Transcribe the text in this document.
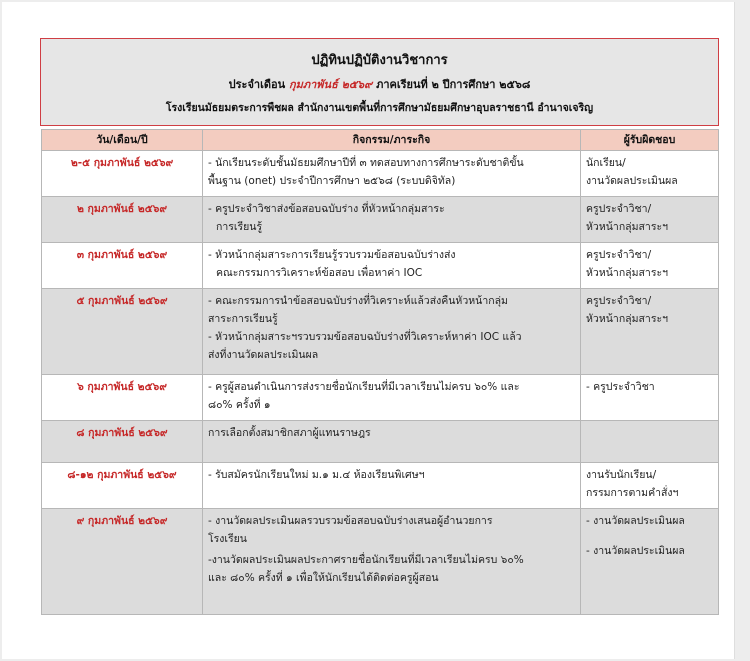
ปฏิทินปฏิบัติงานวิชาการ
ประจำเดือน กุมภาพันธ์ ๒๕๖๙ ภาคเรียนที่ ๒ ปีการศึกษา ๒๕๖๘
โรงเรียนมัธยมตระการพืชผล สำนักงานเขตพื้นที่การศึกษามัธยมศึกษาอุบลราชธานี อำนาจเจริญ
วัน/เดือน/ปี	กิจกรรม/ภาระกิจ	ผู้รับผิดชอบ
๒-๕ กุมภาพันธ์ ๒๕๖๙	- นักเรียนระดับชั้นมัธยมศึกษาปีที่ ๓ ทดสอบทางการศึกษาระดับชาติขั้น
พื้นฐาน (onet) ประจำปีการศึกษา ๒๕๖๘ (ระบบดิจิทัล)	นักเรียน/
งานวัดผลประเมินผล

๒ กุมภาพันธ์ ๒๕๖๙	- ครูประจำวิชาส่งข้อสอบฉบับร่าง ที่หัวหน้ากลุ่มสาระ
การเรียนรู้	ครูประจำวิชา/
หัวหน้ากลุ่มสาระฯ

๓ กุมภาพันธ์ ๒๕๖๙	- หัวหน้ากลุ่มสาระการเรียนรู้รวบรวมข้อสอบฉบับร่างส่ง
คณะกรรมการวิเคราะห์ข้อสอบ เพื่อหาค่า IOC	ครูประจำวิชา/
หัวหน้ากลุ่มสาระฯ

๕ กุมภาพันธ์ ๒๕๖๙	- คณะกรรมการนำข้อสอบฉบับร่างที่วิเคราะห์แล้วส่งคืนหัวหน้ากลุ่ม
สาระการเรียนรู้
- หัวหน้ากลุ่มสาระฯรวบรวมข้อสอบฉบับร่างที่วิเคราะห์หาค่า IOC แล้ว
ส่งที่งานวัดผลประเมินผล	ครูประจำวิชา/
หัวหน้ากลุ่มสาระฯ

๖ กุมภาพันธ์ ๒๕๖๙	- ครูผู้สอนดำเนินการส่งรายชื่อนักเรียนที่มีเวลาเรียนไม่ครบ ๖๐% และ
๘๐% ครั้งที่ ๑	- ครูประจำวิชา

๘ กุมภาพันธ์ ๒๕๖๙	การเลือกตั้งสมาชิกสภาผู้แทนราษฎร	

๘-๑๒ กุมภาพันธ์ ๒๕๖๙	- รับสมัครนักเรียนใหม่ ม.๑ ม.๔ ห้องเรียนพิเศษฯ	งานรับนักเรียน/
กรรมการตามคำสั่งฯ

๙ กุมภาพันธ์ ๒๕๖๙	- งานวัดผลประเมินผลรวบรวมข้อสอบฉบับร่างเสนอผู้อำนวยการ
โรงเรียน
-งานวัดผลประเมินผลประกาศรายชื่อนักเรียนที่มีเวลาเรียนไม่ครบ ๖๐%
และ ๘๐% ครั้งที่ ๑ เพื่อให้นักเรียนได้ติดต่อครูผู้สอน	- งานวัดผลประเมินผล
- งานวัดผลประเมินผล
